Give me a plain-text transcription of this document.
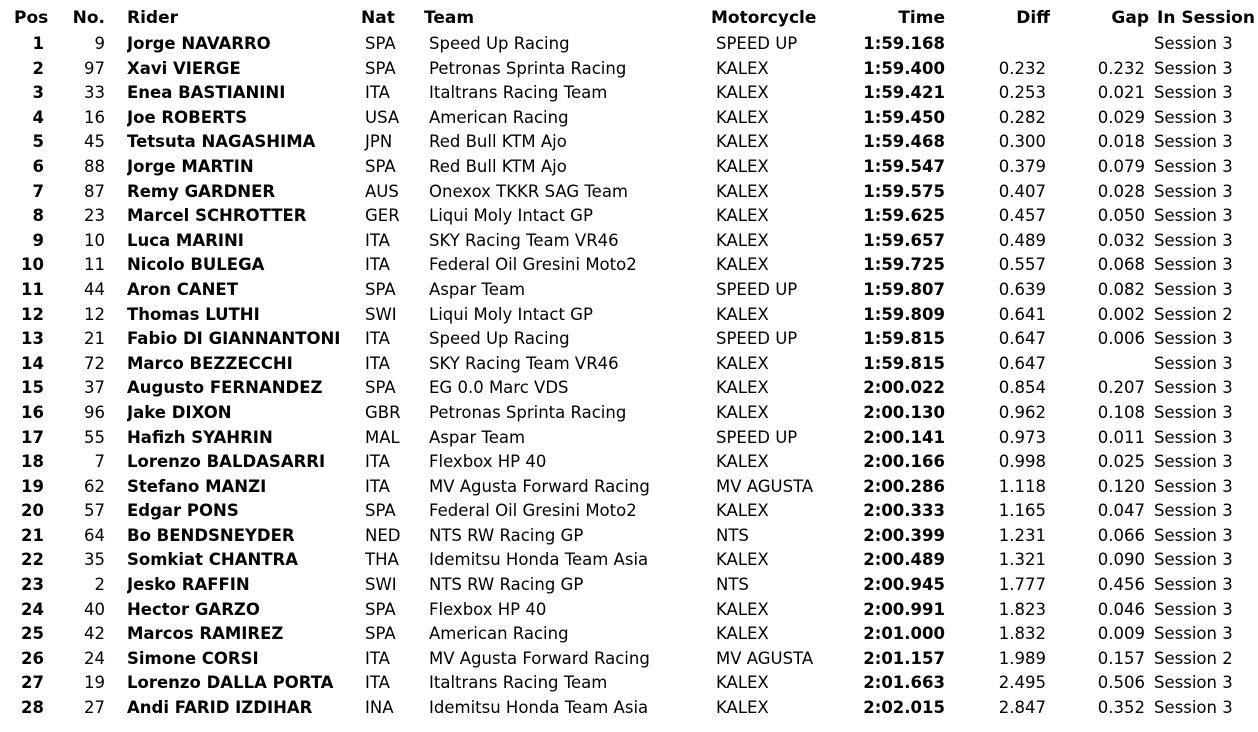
Pos	No.		Rider	Nat	Team	Motorcycle	Time	Diff	Gap	In Session
1	9		Jorge NAVARRO	SPA	Speed Up Racing	SPEED UP	1:59.168			Session 3
2	97		Xavi VIERGE	SPA	Petronas Sprinta Racing	KALEX	1:59.400	0.232	0.232	Session 3
3	33		Enea BASTIANINI	ITA	Italtrans Racing Team	KALEX	1:59.421	0.253	0.021	Session 3
4	16		Joe ROBERTS	USA	American Racing	KALEX	1:59.450	0.282	0.029	Session 3
5	45		Tetsuta NAGASHIMA	JPN	Red Bull KTM Ajo	KALEX	1:59.468	0.300	0.018	Session 3
6	88		Jorge MARTIN	SPA	Red Bull KTM Ajo	KALEX	1:59.547	0.379	0.079	Session 3
7	87		Remy GARDNER	AUS	Onexox TKKR SAG Team	KALEX	1:59.575	0.407	0.028	Session 3
8	23		Marcel SCHROTTER	GER	Liqui Moly Intact GP	KALEX	1:59.625	0.457	0.050	Session 3
9	10		Luca MARINI	ITA	SKY Racing Team VR46	KALEX	1:59.657	0.489	0.032	Session 3
10	11		Nicolo BULEGA	ITA	Federal Oil Gresini Moto2	KALEX	1:59.725	0.557	0.068	Session 3
11	44		Aron CANET	SPA	Aspar Team	SPEED UP	1:59.807	0.639	0.082	Session 3
12	12		Thomas LUTHI	SWI	Liqui Moly Intact GP	KALEX	1:59.809	0.641	0.002	Session 2
13	21		Fabio DI GIANNANTONI	ITA	Speed Up Racing	SPEED UP	1:59.815	0.647	0.006	Session 3
14	72		Marco BEZZECCHI	ITA	SKY Racing Team VR46	KALEX	1:59.815	0.647		Session 3
15	37		Augusto FERNANDEZ	SPA	EG 0.0 Marc VDS	KALEX	2:00.022	0.854	0.207	Session 3
16	96		Jake DIXON	GBR	Petronas Sprinta Racing	KALEX	2:00.130	0.962	0.108	Session 3
17	55		Hafizh SYAHRIN	MAL	Aspar Team	SPEED UP	2:00.141	0.973	0.011	Session 3
18	7		Lorenzo BALDASARRI	ITA	Flexbox HP 40	KALEX	2:00.166	0.998	0.025	Session 3
19	62		Stefano MANZI	ITA	MV Agusta Forward Racing	MV AGUSTA	2:00.286	1.118	0.120	Session 3
20	57		Edgar PONS	SPA	Federal Oil Gresini Moto2	KALEX	2:00.333	1.165	0.047	Session 3
21	64		Bo BENDSNEYDER	NED	NTS RW Racing GP	NTS	2:00.399	1.231	0.066	Session 3
22	35		Somkiat CHANTRA	THA	Idemitsu Honda Team Asia	KALEX	2:00.489	1.321	0.090	Session 3
23	2		Jesko RAFFIN	SWI	NTS RW Racing GP	NTS	2:00.945	1.777	0.456	Session 3
24	40		Hector GARZO	SPA	Flexbox HP 40	KALEX	2:00.991	1.823	0.046	Session 3
25	42		Marcos RAMIREZ	SPA	American Racing	KALEX	2:01.000	1.832	0.009	Session 3
26	24		Simone CORSI	ITA	MV Agusta Forward Racing	MV AGUSTA	2:01.157	1.989	0.157	Session 2
27	19		Lorenzo DALLA PORTA	ITA	Italtrans Racing Team	KALEX	2:01.663	2.495	0.506	Session 3
28	27		Andi FARID IZDIHAR	INA	Idemitsu Honda Team Asia	KALEX	2:02.015	2.847	0.352	Session 3
